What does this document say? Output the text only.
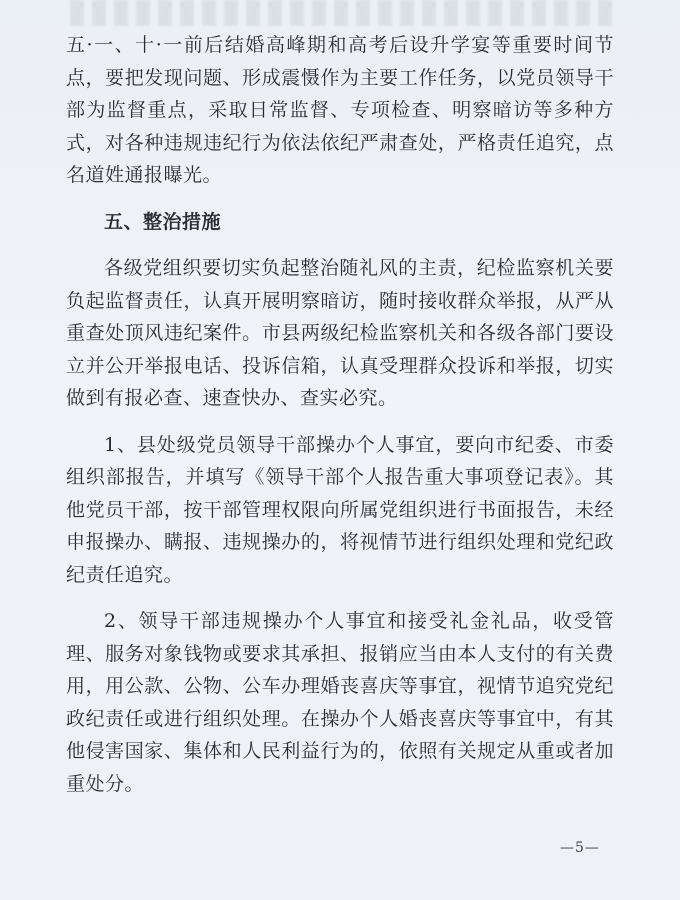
五·一、十·一前后结婚高峰期和高考后设升学宴等重要时间节点，要把发现问题、形成震慑作为主要工作任务，以党员领导干部为监督重点，采取日常监督、专项检查、明察暗访等多种方式，对各种违规违纪行为依法依纪严肃查处，严格责任追究，点名道姓通报曝光。

五、整治措施

各级党组织要切实负起整治随礼风的主责，纪检监察机关要负起监督责任，认真开展明察暗访，随时接收群众举报，从严从重查处顶风违纪案件。市县两级纪检监察机关和各级各部门要设立并公开举报电话、投诉信箱，认真受理群众投诉和举报，切实做到有报必查、速查快办、查实必究。

1、县处级党员领导干部操办个人事宜，要向市纪委、市委组织部报告，并填写《领导干部个人报告重大事项登记表》。其他党员干部，按干部管理权限向所属党组织进行书面报告，未经申报操办、瞒报、违规操办的，将视情节进行组织处理和党纪政纪责任追究。

2、领导干部违规操办个人事宜和接受礼金礼品，收受管理、服务对象钱物或要求其承担、报销应当由本人支付的有关费用，用公款、公物、公车办理婚丧喜庆等事宜，视情节追究党纪政纪责任或进行组织处理。在操办个人婚丧喜庆等事宜中，有其他侵害国家、集体和人民利益行为的，依照有关规定从重或者加重处分。

—5—
